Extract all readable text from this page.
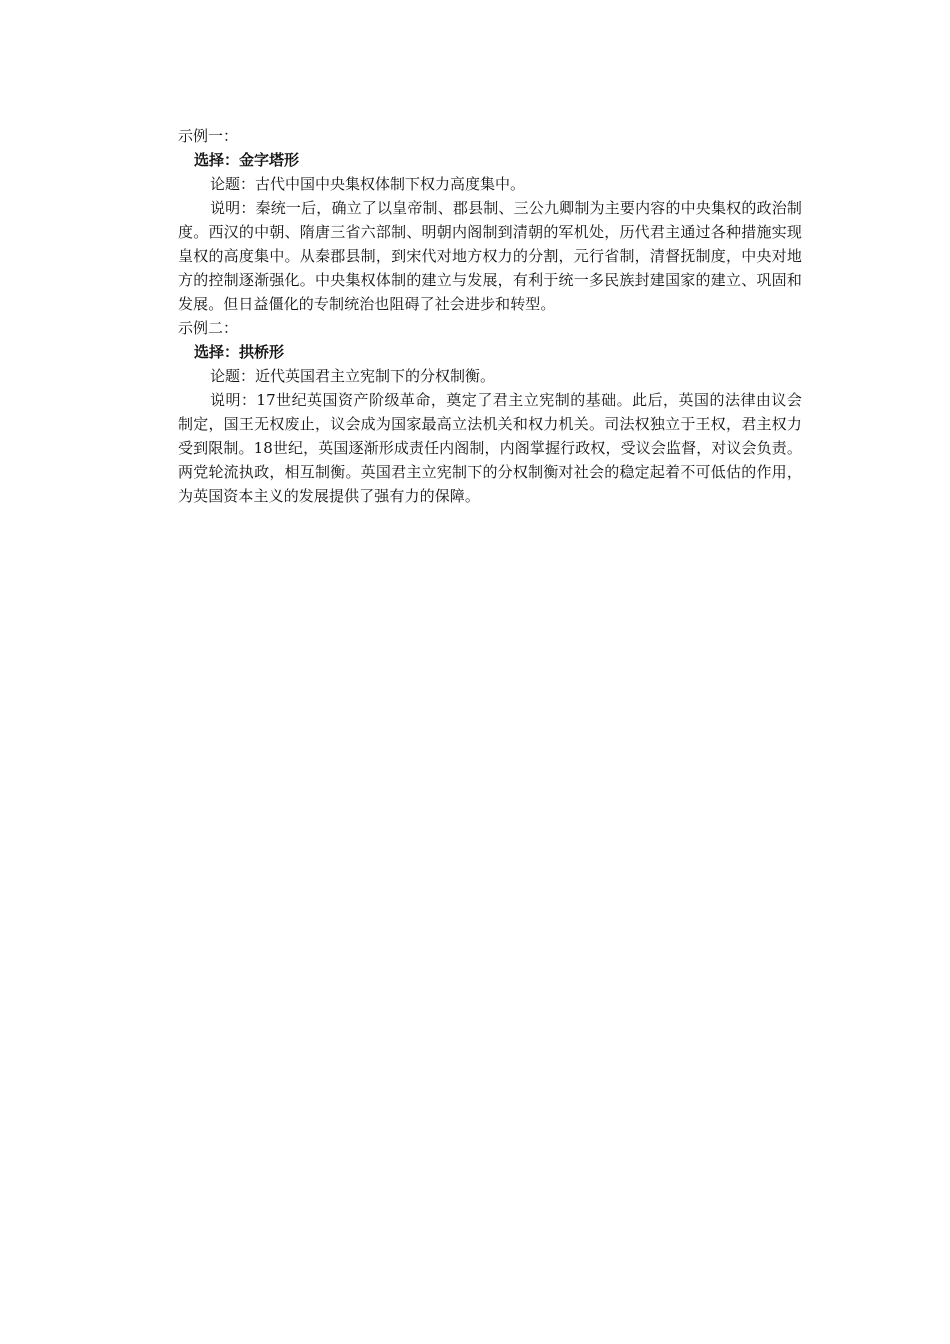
示例一：

选择：金字塔形

论题：古代中国中央集权体制下权力高度集中。

说明：秦统一后，确立了以皇帝制、郡县制、三公九卿制为主要内容的中央集权的政治制度。西汉的中朝、隋唐三省六部制、明朝内阁制到清朝的军机处，历代君主通过各种措施实现皇权的高度集中。从秦郡县制，到宋代对地方权力的分割，元行省制，清督抚制度，中央对地方的控制逐渐强化。中央集权体制的建立与发展，有利于统一多民族封建国家的建立、巩固和发展。但日益僵化的专制统治也阻碍了社会进步和转型。

示例二：

选择：拱桥形

论题：近代英国君主立宪制下的分权制衡。

说明：17世纪英国资产阶级革命，奠定了君主立宪制的基础。此后，英国的法律由议会制定，国王无权废止，议会成为国家最高立法机关和权力机关。司法权独立于王权，君主权力受到限制。18世纪，英国逐渐形成责任内阁制，内阁掌握行政权，受议会监督，对议会负责。两党轮流执政，相互制衡。英国君主立宪制下的分权制衡对社会的稳定起着不可低估的作用，为英国资本主义的发展提供了强有力的保障。
